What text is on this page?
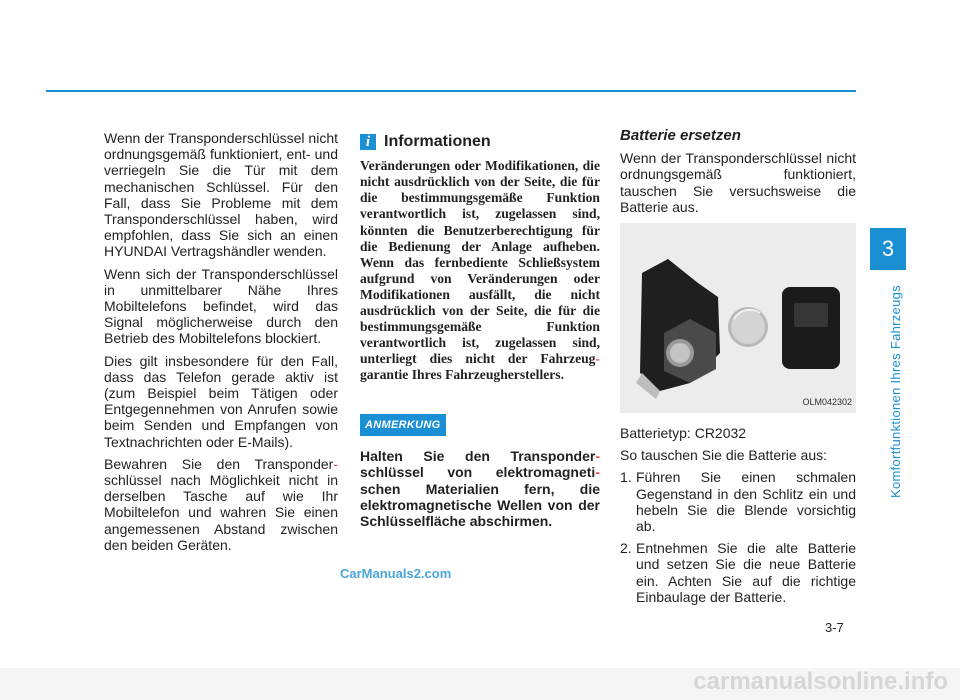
3
Komfortfunktionen Ihres Fahrzeugs

Wenn der Transponderschlüssel nicht ordnungsgemäß funktioniert, ent- und verriegeln Sie die Tür mit dem mechanischen Schlüssel. Für den Fall, dass Sie Probleme mit dem Transponderschlüssel haben, wird empfohlen, dass Sie sich an einen HYUNDAI Vertragshändler wenden.

Wenn sich der Transponderschlüssel in unmittelbarer Nähe Ihres Mobiltelefons befindet, wird das Signal möglicherweise durch den Betrieb des Mobiltelefons blockiert.

Dies gilt insbesondere für den Fall, dass das Telefon gerade aktiv ist (zum Beispiel beim Tätigen oder Entgegennehmen von Anrufen sowie beim Senden und Empfangen von Textnachrichten oder E-Mails).

Bewahren Sie den Transponder- schlüssel nach Möglichkeit nicht in derselben Tasche auf wie Ihr Mobiltelefon und wahren Sie einen angemessenen Abstand zwischen den beiden Geräten.

i Informationen

Veränderungen oder Modifikationen, die nicht ausdrücklich von der Seite, die für die bestimmungsgemäße Funktion verantwortlich ist, zugelassen sind, könnten die Benutzerberechtigung für die Bedienung der Anlage aufheben. Wenn das fernbediente Schließsystem aufgrund von Veränderungen oder Modifikationen ausfällt, die nicht ausdrücklich von der Seite, die für die bestimmungsgemäße Funktion verantwortlich ist, zugelassen sind, unterliegt dies nicht der Fahrzeug- garantie Ihres Fahrzeugherstellers.

ANMERKUNG
Halten Sie den Transponder- schlüssel von elektromagneti- schen Materialien fern, die elektromagnetische Wellen von der Schlüsselfläche abschirmen.
Batterie ersetzen

Wenn der Transponderschlüssel nicht ordnungsgemäß funktioniert, tauschen Sie versuchsweise die Batterie aus.

OLM042302

Batterietyp: CR2032

So tauschen Sie die Batterie aus:

1. Führen Sie einen schmalen Gegenstand in den Schlitz ein und hebeln Sie die Blende vorsichtig ab.
2. Entnehmen Sie die alte Batterie und setzen Sie die neue Batterie ein. Achten Sie auf die richtige Einbaulage der Batterie.
3-7
CarManuals2.com
carmanualsonline.info
